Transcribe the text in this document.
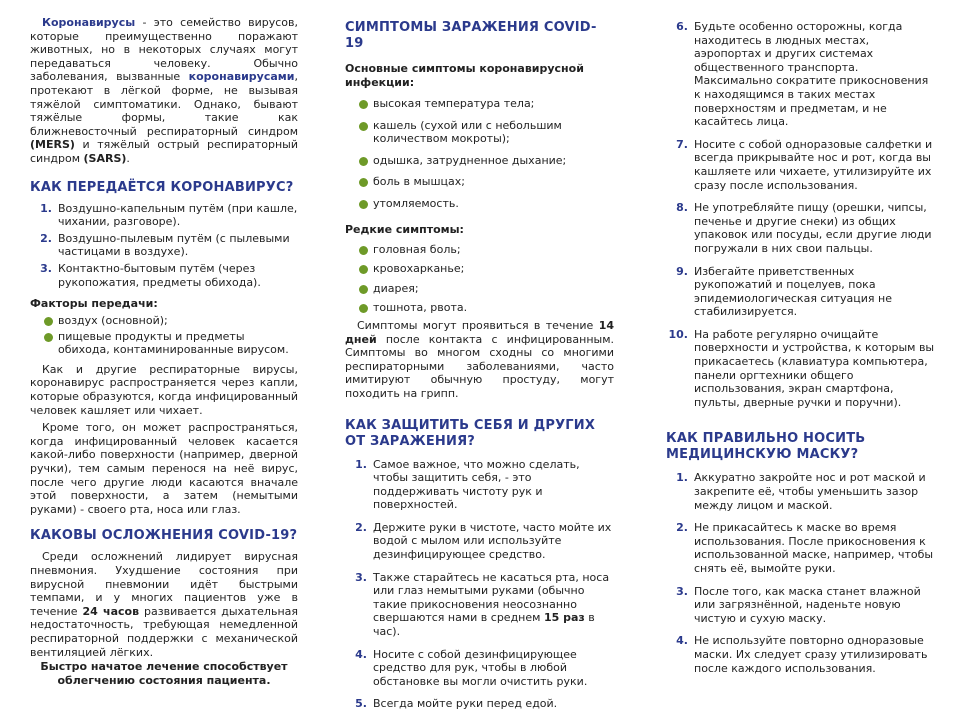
Коронавирусы - это семейство вирусов, которые преимущественно поражают животных, но в некоторых случаях могут передаваться человеку. Обычно заболевания, вызванные коронавирусами, протекают в лёгкой форме, не вызывая тяжёлой симптоматики. Однако, бывают тяжёлые формы, такие как ближневосточный респираторный синдром (MERS) и тяжёлый острый респираторный синдром (SARS).

КАК ПЕРЕДАЁТСЯ КОРОНАВИРУС?
1. Воздушно-капельным путём (при кашле, чихании, разговоре).
2. Воздушно-пылевым путём (с пылевыми частицами в воздухе).
3. Контактно-бытовым путём (через рукопожатия, предметы обихода).
Факторы передачи:
воздух (основной);
пищевые продукты и предметы обихода, контаминированные вирусом.

Как и другие респираторные вирусы, коронавирус распространяется через капли, которые образуются, когда инфицированный человек кашляет или чихает.

Кроме того, он может распространяться, когда инфицированный человек касается какой-либо поверхности (например, дверной ручки), тем самым перенося на неё вирус, после чего другие люди касаются вначале этой поверхности, а затем (немытыми руками) - своего рта, носа или глаз.

КАКОВЫ ОСЛОЖНЕНИЯ COVID-19?

Среди осложнений лидирует вирусная пневмония. Ухудшение состояния при вирусной пневмонии идёт быстрыми темпами, и у многих пациентов уже в течение 24 часов развивается дыхательная недостаточность, требующая немедленной респираторной поддержки с механической вентиляцией лёгких.

Быстро начатое лечение способствует облегчению состояния пациента.

СИМПТОМЫ ЗАРАЖЕНИЯ COVID-19
Основные симптомы коронавирусной инфекции:
высокая температура тела;
кашель (сухой или с небольшим количеством мокроты);
одышка, затрудненное дыхание;
боль в мышцах;
утомляемость.
Редкие симптомы:
головная боль;
кровохарканье;
диарея;
тошнота, рвота.

Симптомы могут проявиться в течение 14 дней после контакта с инфицированным. Симптомы во многом сходны со многими респираторными заболеваниями, часто имитируют обычную простуду, могут походить на грипп.

КАК ЗАЩИТИТЬ СЕБЯ И ДРУГИХ ОТ ЗАРАЖЕНИЯ?
1. Самое важное, что можно сделать, чтобы защитить себя, - это поддерживать чистоту рук и поверхностей.
2. Держите руки в чистоте, часто мойте их водой с мылом или используйте дезинфицирующее средство.
3. Также старайтесь не касаться рта, носа или глаз немытыми руками (обычно такие прикосновения неосознанно свершаются нами в среднем 15 раз в час).
4. Носите с собой дезинфицирующее средство для рук, чтобы в любой обстановке вы могли очистить руки.
5. Всегда мойте руки перед едой.
6. Будьте особенно осторожны, когда находитесь в людных местах, аэропортах и других системах общественного транспорта. Максимально сократите прикосновения к находящимся в таких местах поверхностям и предметам, и не касайтесь лица.
7. Носите с собой одноразовые салфетки и всегда прикрывайте нос и рот, когда вы кашляете или чихаете, утилизируйте их сразу после использования.
8. Не употребляйте пищу (орешки, чипсы, печенье и другие снеки) из общих упаковок или посуды, если другие люди погружали в них свои пальцы.
9. Избегайте приветственных рукопожатий и поцелуев, пока эпидемиологическая ситуация не стабилизируется.
10. На работе регулярно очищайте поверхности и устройства, к которым вы прикасаетесь (клавиатура компьютера, панели оргтехники общего использования, экран смартфона, пульты, дверные ручки и поручни).
КАК ПРАВИЛЬНО НОСИТЬ МЕДИЦИНСКУЮ МАСКУ?
1. Аккуратно закройте нос и рот маской и закрепите её, чтобы уменьшить зазор между лицом и маской.
2. Не прикасайтесь к маске во время использования. После прикосновения к использованной маске, например, чтобы снять её, вымойте руки.
3. После того, как маска станет влажной или загрязнённой, наденьте новую чистую и сухую маску.
4. Не используйте повторно одноразовые маски. Их следует сразу утилизировать после каждого использования.
